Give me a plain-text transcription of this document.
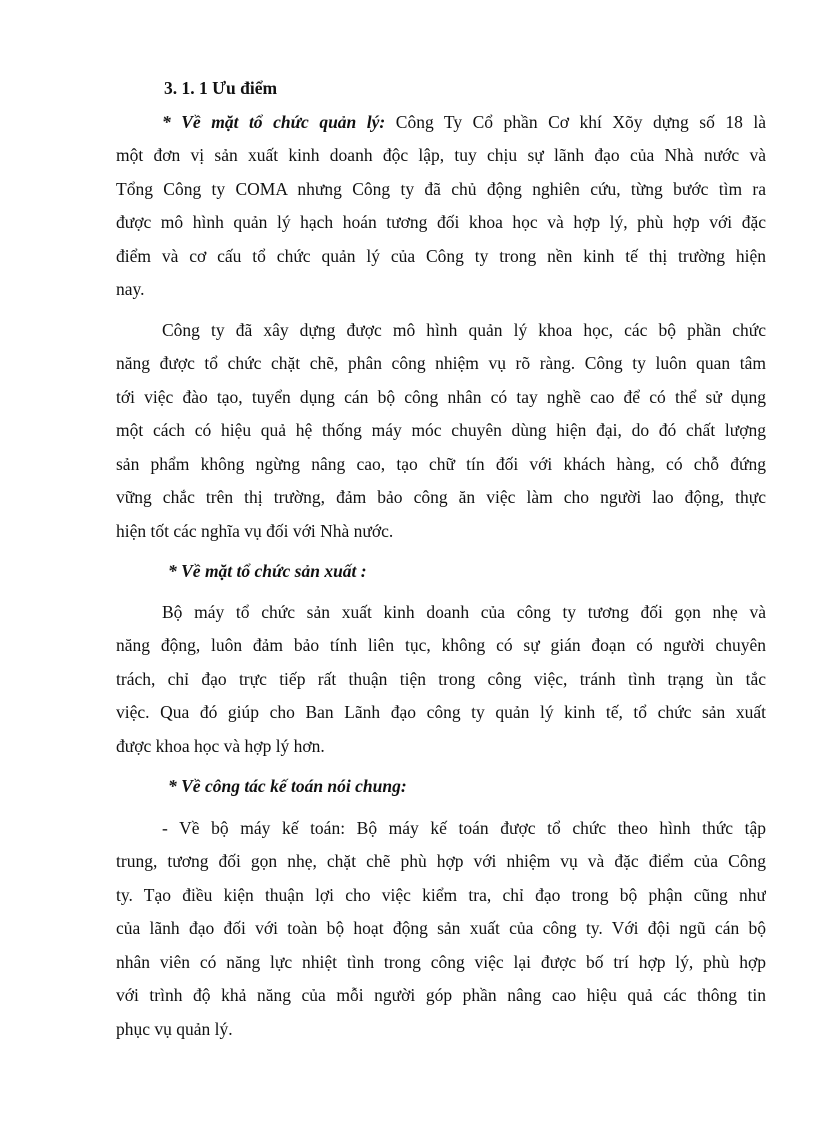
3. 1. 1 Ưu điểm
* Về mặt tổ chức quản lý: Công Ty Cổ phần Cơ khí Xõy dựng số 18 là
một đơn vị sản xuất kinh doanh độc lập, tuy chịu sự lãnh đạo của Nhà nước và
Tổng Công ty COMA nhưng Công ty đã chủ động nghiên cứu, từng bước tìm ra
được mô hình quản lý hạch hoán tương đối khoa học và hợp lý, phù hợp với đặc
điểm và cơ cấu tổ chức quản lý của Công ty trong nền kinh tế thị trường hiện
nay.
Công ty đã xây dựng được mô hình quản lý khoa học, các bộ phần chức
năng được tổ chức chặt chẽ, phân công nhiệm vụ rõ ràng. Công ty luôn quan tâm
tới việc đào tạo, tuyển dụng cán bộ công nhân có tay nghề cao để có thể sử dụng
một cách có hiệu quả hệ thống máy móc chuyên dùng hiện đại, do đó chất lượng
sản phẩm không ngừng nâng cao, tạo chữ tín đối với khách hàng, có chỗ đứng
vững chắc trên thị trường, đảm bảo công ăn việc làm cho người lao động, thực
hiện tốt các nghĩa vụ đối với Nhà nước.
* Về mặt tổ chức sản xuất :
Bộ máy tổ chức sản xuất kinh doanh của công ty tương đối gọn nhẹ và
năng động, luôn đảm bảo tính liên tục, không có sự gián đoạn có người chuyên
trách, chỉ đạo trực tiếp rất thuận tiện trong công việc, tránh tình trạng ùn tắc
việc. Qua đó giúp cho Ban Lãnh đạo công ty quản lý kinh tế, tổ chức sản xuất
được khoa học và hợp lý hơn.
* Về công tác kế toán nói chung:
- Về bộ máy kế toán: Bộ máy kế toán được tổ chức theo hình thức tập
trung, tương đối gọn nhẹ, chặt chẽ phù hợp với nhiệm vụ và đặc điểm của Công
ty. Tạo điều kiện thuận lợi cho việc kiểm tra, chỉ đạo trong bộ phận cũng như
của lãnh đạo đối với toàn bộ hoạt động sản xuất của công ty. Với đội ngũ cán bộ
nhân viên có năng lực nhiệt tình trong công việc lại được bố trí hợp lý, phù hợp
với trình độ khả năng của mỗi người góp phần nâng cao hiệu quả các thông tin
phục vụ quản lý.
